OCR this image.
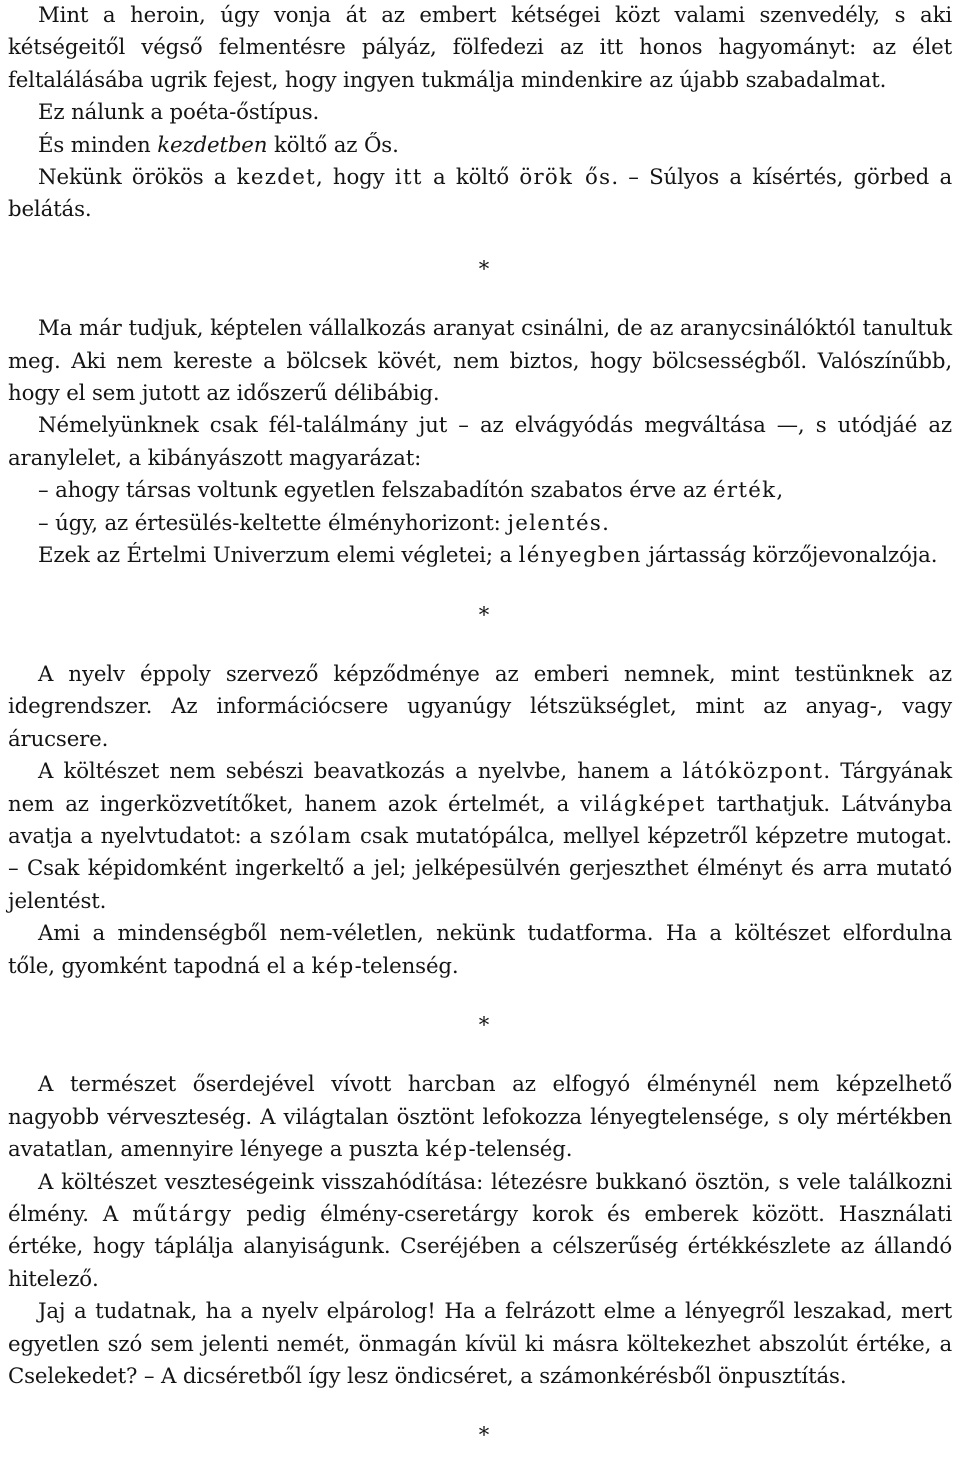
Mint a heroin, úgy vonja át az embert kétségei közt valami szenvedély, s aki kétségeitől végső felmentésre pályáz, fölfedezi az itt honos hagyományt: az élet feltalálásába ugrik fejest, hogy ingyen tukmálja mindenkire az újabb szabadalmat.

Ez nálunk a poéta-őstípus.

És minden kezdetben költő az Ős.

Nekünk örökös a kezdet, hogy itt a költő örök ős. – Súlyos a kísértés, görbed a belátás.

*

Ma már tudjuk, képtelen vállalkozás aranyat csinálni, de az aranycsinálóktól tanultuk meg. Aki nem kereste a bölcsek kövét, nem biztos, hogy bölcsességből. Valószínűbb, hogy el sem jutott az időszerű délibábig.

Némelyünknek csak fél-találmány jut – az elvágyódás megváltása —, s utódjáé az aranylelet, a kibányászott magyarázat:

– ahogy társas voltunk egyetlen felszabadítón szabatos érve az érték,

– úgy, az értesülés-keltette élményhorizont: jelentés.

Ezek az Értelmi Univerzum elemi végletei; a lényegben jártasság körzőjevonalzója.

*

A nyelv éppoly szervező képződménye az emberi nemnek, mint testünknek az idegrendszer. Az információcsere ugyanúgy létszükséglet, mint az anyag-, vagy árucsere.

A költészet nem sebészi beavatkozás a nyelvbe, hanem a látóközpont. Tárgyának nem az ingerközvetítőket, hanem azok értelmét, a világképet tarthatjuk. Látványba avatja a nyelvtudatot: a szólam csak mutatópálca, mellyel képzetről képzetre mutogat. – Csak képidomként ingerkeltő a jel; jelképesülvén gerjeszthet élményt és arra mutató jelentést.

Ami a mindenségből nem-véletlen, nekünk tudatforma. Ha a költészet elfordulna tőle, gyomként tapodná el a kép-telenség.

*

A természet őserdejével vívott harcban az elfogyó élménynél nem képzelhető nagyobb vérveszteség. A világtalan ösztönt lefokozza lényegtelensége, s oly mértékben avatatlan, amennyire lényege a puszta kép-telenség.

A költészet veszteségeink visszahódítása: létezésre bukkanó ösztön, s vele találkozni élmény. A műtárgy pedig élmény-cseretárgy korok és emberek között. Használati értéke, hogy táplálja alanyiságunk. Cseréjében a célszerűség értékkészlete az állandó hitelező.

Jaj a tudatnak, ha a nyelv elpárolog! Ha a felrázott elme a lényegről leszakad, mert egyetlen szó sem jelenti nemét, önmagán kívül ki másra költekezhet abszolút értéke, a Cselekedet? – A dicséretből így lesz öndicséret, a számonkérésből önpusztítás.

*
